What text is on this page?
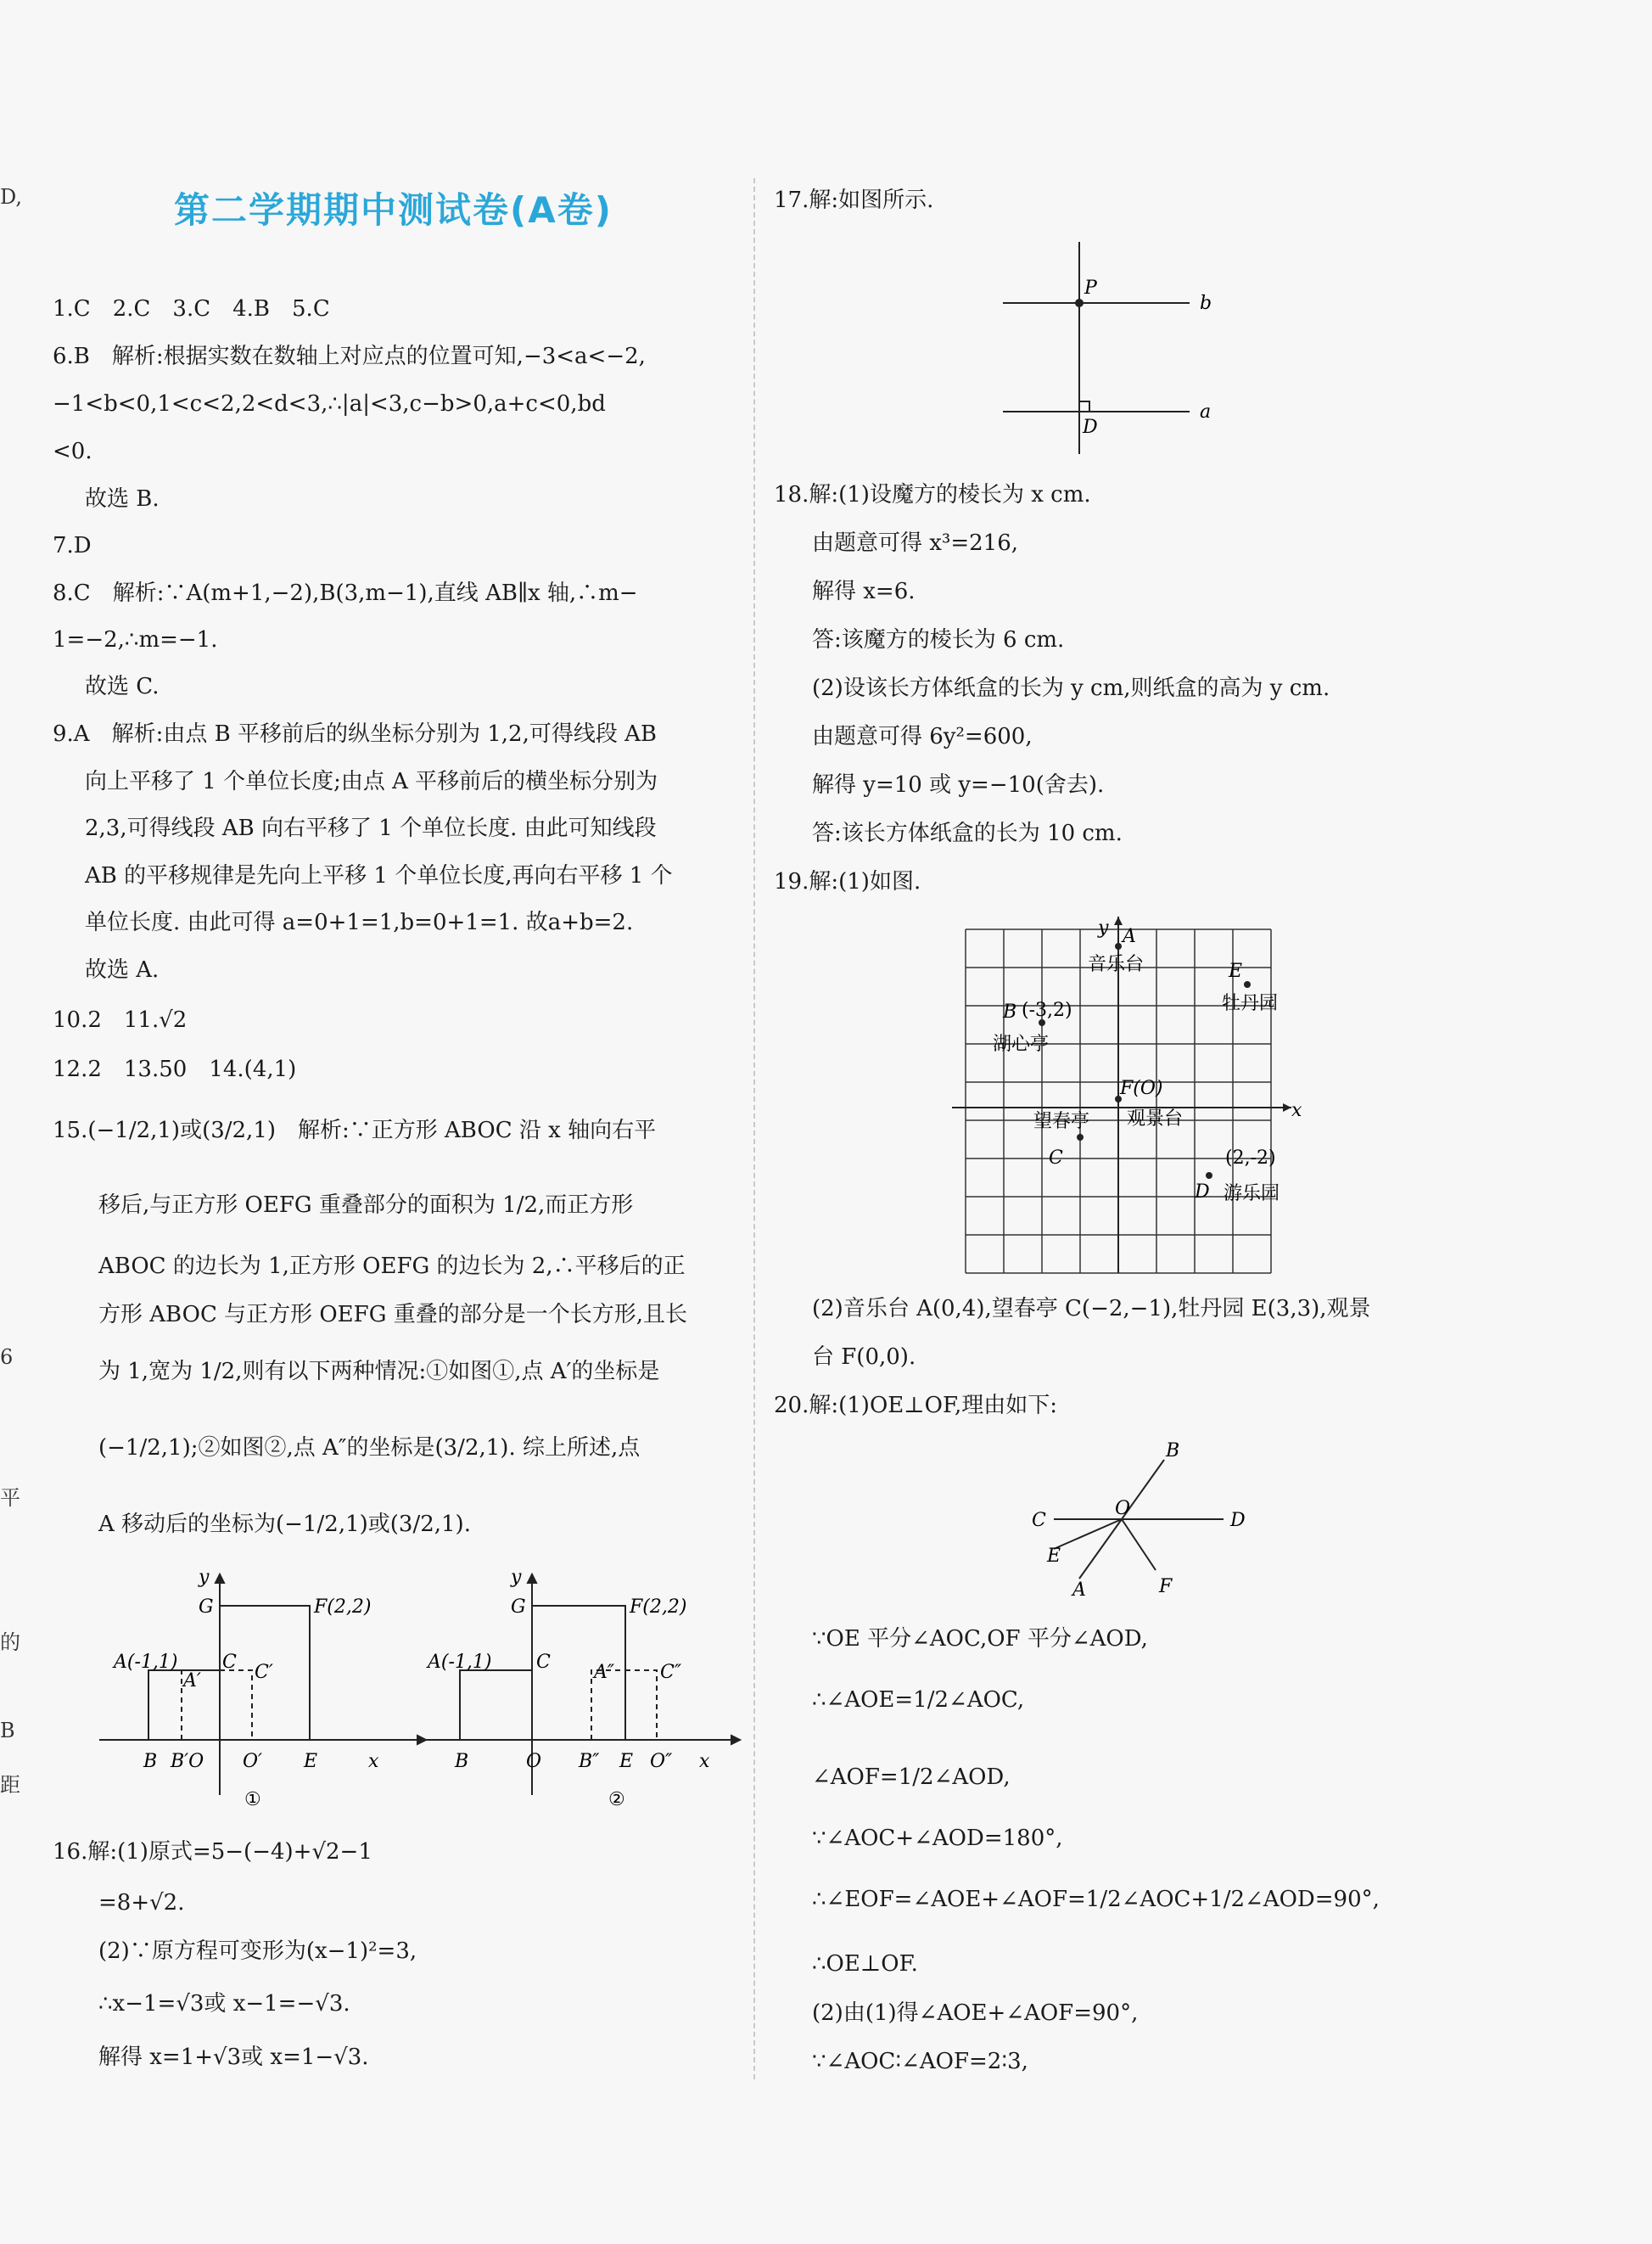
D,
6
平
的
B
距
第二学期期中测试卷(A卷)
1.C　2.C　3.C　4.B　5.C
6.B　解析:根据实数在数轴上对应点的位置可知,−3<a<−2,
−1<b<0,1<c<2,2<d<3,∴|a|<3,c−b>0,a+c<0,bd
<0.
故选 B.
7.D
8.C　解析:∵A(m+1,−2),B(3,m−1),直线 AB∥x 轴,∴m−
1=−2,∴m=−1.
故选 C.
9.A　解析:由点 B 平移前后的纵坐标分别为 1,2,可得线段 AB
向上平移了 1 个单位长度;由点 A 平移前后的横坐标分别为
2,3,可得线段 AB 向右平移了 1 个单位长度. 由此可知线段
AB 的平移规律是先向上平移 1 个单位长度,再向右平移 1 个
单位长度. 由此可得 a=0+1=1,b=0+1=1. 故a+b=2.
故选 A.
10.2　11.√2
12.2　13.50　14.(4,1)
15.(−1/2,1)或(3/2,1)　解析:∵正方形 ABOC 沿 x 轴向右平
移后,与正方形 OEFG 重叠部分的面积为 1/2,而正方形
ABOC 的边长为 1,正方形 OEFG 的边长为 2,∴平移后的正
方形 ABOC 与正方形 OEFG 重叠的部分是一个长方形,且长
为 1,宽为 1/2,则有以下两种情况:①如图①,点 A′的坐标是
(−1/2,1);②如图②,点 A″的坐标是(3/2,1). 综上所述,点
A 移动后的坐标为(−1/2,1)或(3/2,1).
y
G	F(2,2)
A(-1,1) C C′
A′
B B′O O′ E	x
①
y
G	F(2,2)
A(-1,1) C A″ C″
B	O B″ E O″ x
②
16.解:(1)原式=5−(−4)+√2−1
=8+√2.
(2)∵原方程可变形为(x−1)²=3,
∴x−1=√3或 x−1=−√3.
解得 x=1+√3或 x=1−√3.
17.解:如图所示.
P
b
D
a
18.解:(1)设魔方的棱长为 x cm.
由题意可得 x³=216,
解得 x=6.
答:该魔方的棱长为 6 cm.
(2)设该长方体纸盒的长为 y cm,则纸盒的高为 y cm.
由题意可得 6y²=600,
解得 y=10 或 y=−10(舍去).
答:该长方体纸盒的长为 10 cm.
19.解:(1)如图.
y A
音乐台	E
牡丹园
B (-3,2)
湖心亭
F(O)
x
望春亭 观景台
C	(2,-2)
D 游乐园
(2)音乐台 A(0,4),望春亭 C(−2,−1),牡丹园 E(3,3),观景
台 F(0,0).
20.解:(1)OE⊥OF,理由如下:
B
C
O
D
E
A	F
∵OE 平分∠AOC,OF 平分∠AOD,
∴∠AOE=1/2∠AOC,
∠AOF=1/2∠AOD,
∵∠AOC+∠AOD=180°,
∴∠EOF=∠AOE+∠AOF=1/2∠AOC+1/2∠AOD=90°,
∴OE⊥OF.
(2)由(1)得∠AOE+∠AOF=90°,
∵∠AOC∶∠AOF=2∶3,
